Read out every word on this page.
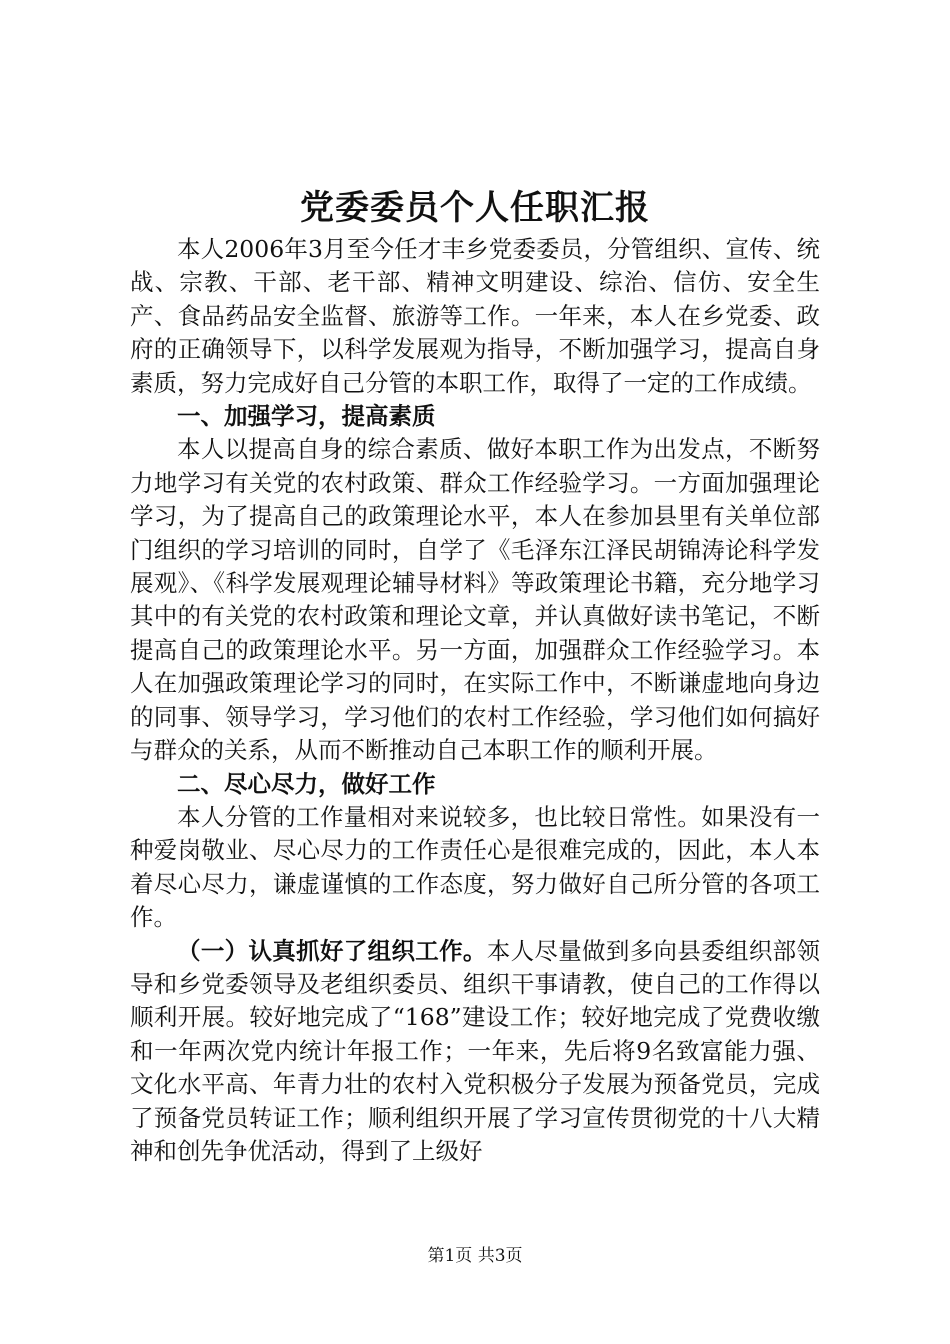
党委委员个人任职汇报

本人2006年3月至今任才丰乡党委委员，分管组织、宣传、统战、宗教、干部、老干部、精神文明建设、综治、信仿、安全生产、食品药品安全监督、旅游等工作。一年来，本人在乡党委、政府的正确领导下，以科学发展观为指导，不断加强学习，提高自身素质，努力完成好自己分管的本职工作，取得了一定的工作成绩。

一、加强学习，提高素质

本人以提高自身的综合素质、做好本职工作为出发点，不断努力地学习有关党的农村政策、群众工作经验学习。一方面加强理论学习，为了提高自己的政策理论水平，本人在参加县里有关单位部门组织的学习培训的同时，自学了《毛泽东江泽民胡锦涛论科学发展观》、《科学发展观理论辅导材料》等政策理论书籍，充分地学习其中的有关党的农村政策和理论文章，并认真做好读书笔记，不断提高自己的政策理论水平。另一方面，加强群众工作经验学习。本人在加强政策理论学习的同时，在实际工作中，不断谦虚地向身边的同事、领导学习，学习他们的农村工作经验，学习他们如何搞好与群众的关系，从而不断推动自己本职工作的顺利开展。

二、尽心尽力，做好工作

本人分管的工作量相对来说较多，也比较日常性。如果没有一种爱岗敬业、尽心尽力的工作责任心是很难完成的，因此，本人本着尽心尽力，谦虚谨慎的工作态度，努力做好自己所分管的各项工作。

（一）认真抓好了组织工作。本人尽量做到多向县委组织部领导和乡党委领导及老组织委员、组织干事请教，使自己的工作得以顺利开展。较好地完成了“168”建设工作；较好地完成了党费收缴和一年两次党内统计年报工作；一年来，先后将9名致富能力强、文化水平高、年青力壮的农村入党积极分子发展为预备党员，完成了预备党员转证工作；顺利组织开展了学习宣传贯彻党的十八大精神和创先争优活动，得到了上级好

第1页 共3页
